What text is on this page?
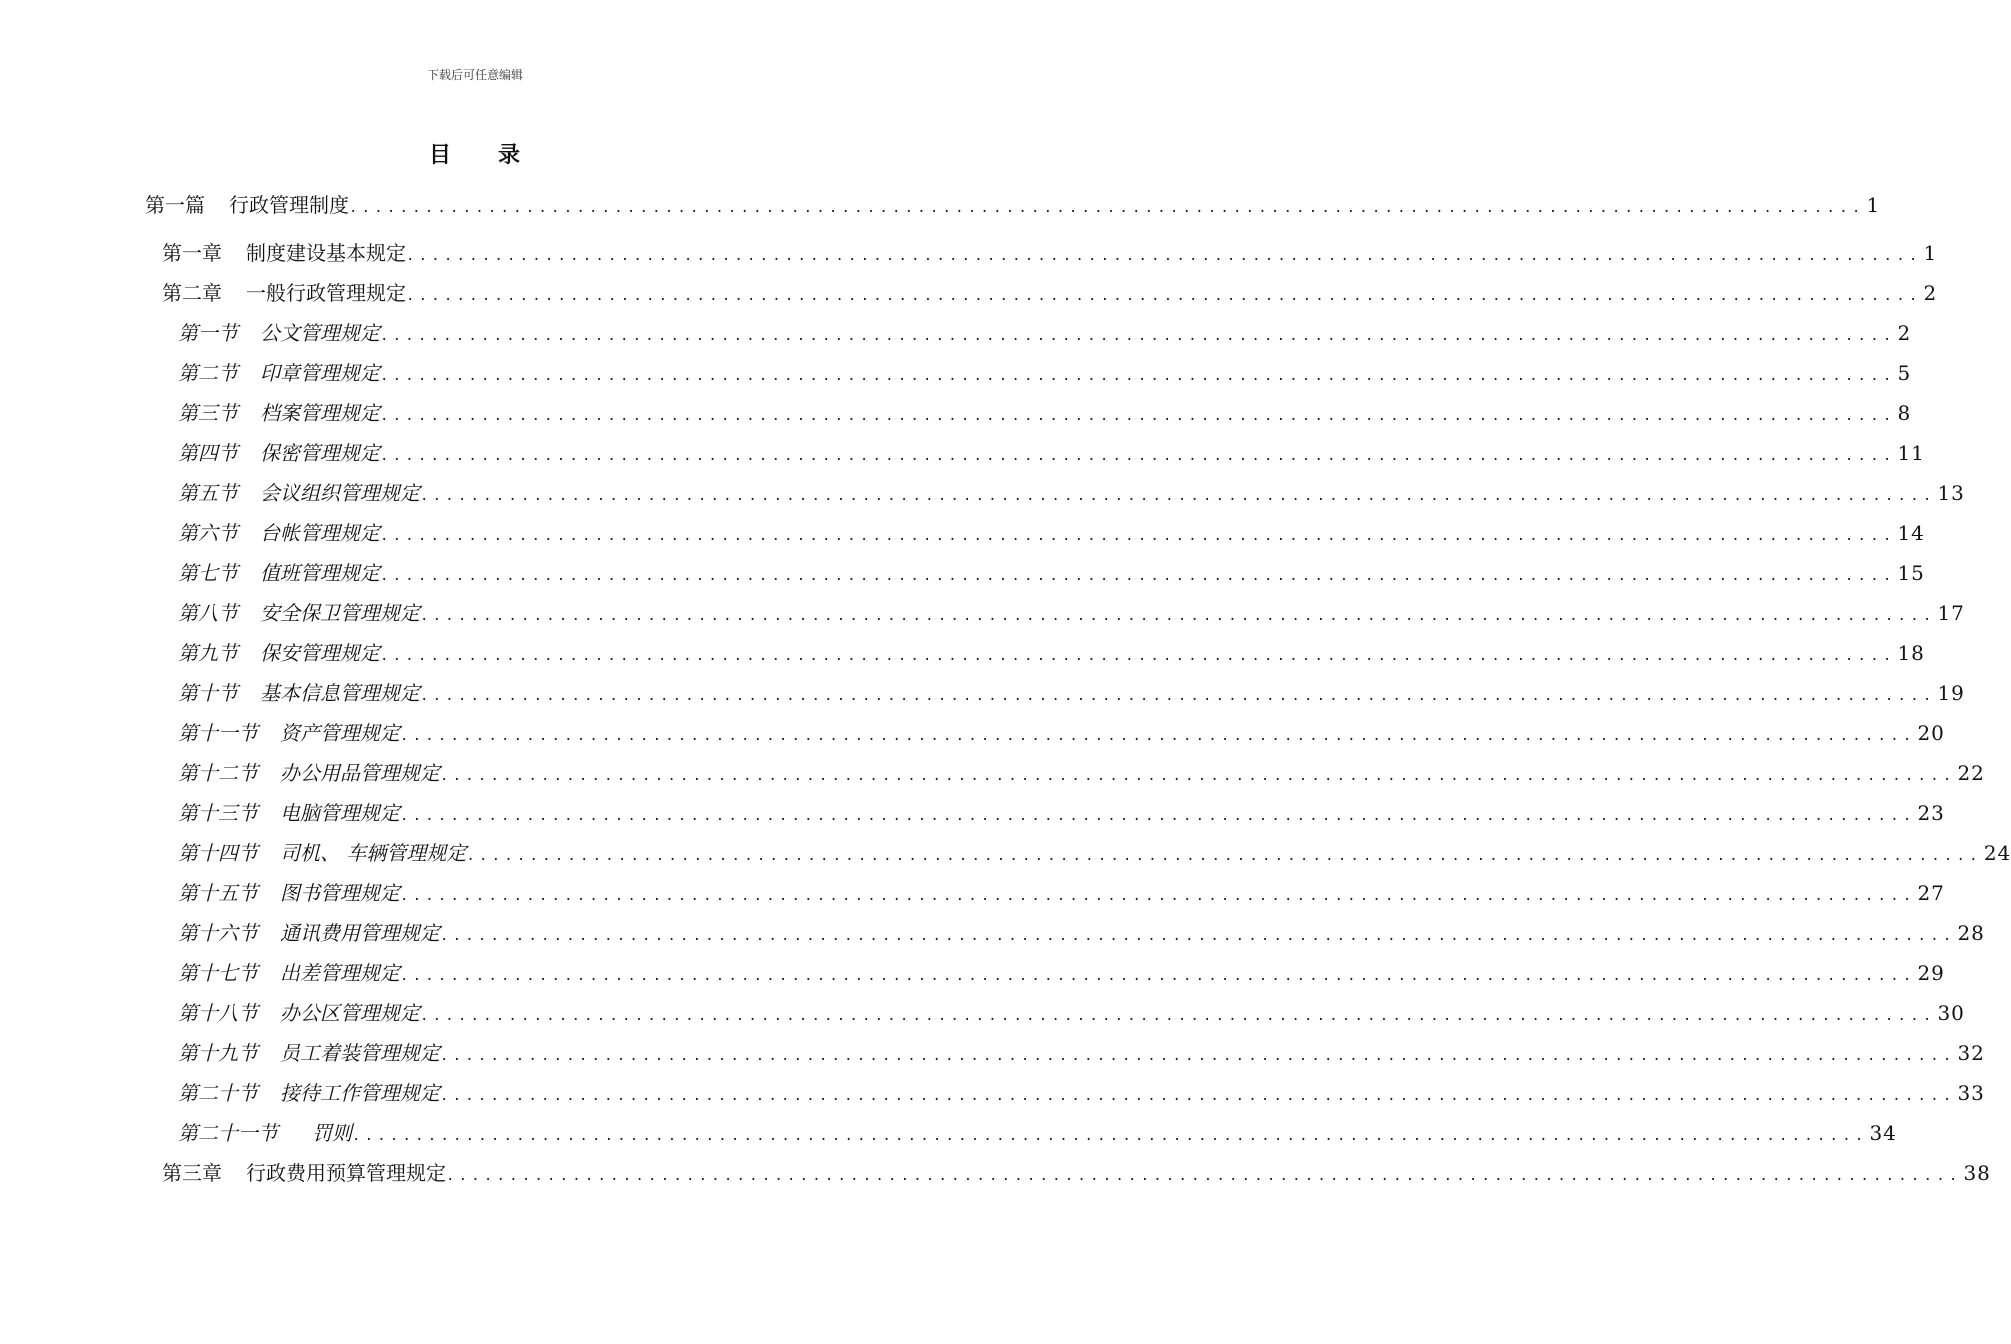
下载后可任意编辑
目 录
第一篇 行政管理制度 ........................................................................................................................ 1
第一章 制度建设基本规定 ........................................................................................................................ 1
第二章 一般行政管理规定 ........................................................................................................................ 2
第一节 公文管理规定 ........................................................................................................................ 2
第二节 印章管理规定 ........................................................................................................................ 5
第三节 档案管理规定 ........................................................................................................................ 8
第四节 保密管理规定 ........................................................................................................................ 11
第五节 会议组织管理规定 ........................................................................................................................ 13
第六节 台帐管理规定 ........................................................................................................................ 14
第七节 值班管理规定 ........................................................................................................................ 15
第八节 安全保卫管理规定 ........................................................................................................................ 17
第九节 保安管理规定 ........................................................................................................................ 18
第十节 基本信息管理规定 ........................................................................................................................ 19
第十一节 资产管理规定 ........................................................................................................................ 20
第十二节 办公用品管理规定 ........................................................................................................................ 22
第十三节 电脑管理规定 ........................................................................................................................ 23
第十四节 司机、 车辆管理规定 ........................................................................................................................ 24
第十五节 图书管理规定 ........................................................................................................................ 27
第十六节 通讯费用管理规定 ........................................................................................................................ 28
第十七节 出差管理规定 ........................................................................................................................ 29
第十八节 办公区管理规定 ........................................................................................................................ 30
第十九节 员工着装管理规定 ........................................................................................................................ 32
第二十节 接待工作管理规定 ........................................................................................................................ 33
第二十一节 罚则 ........................................................................................................................ 34
第三章 行政费用预算管理规定 ........................................................................................................................ 38
